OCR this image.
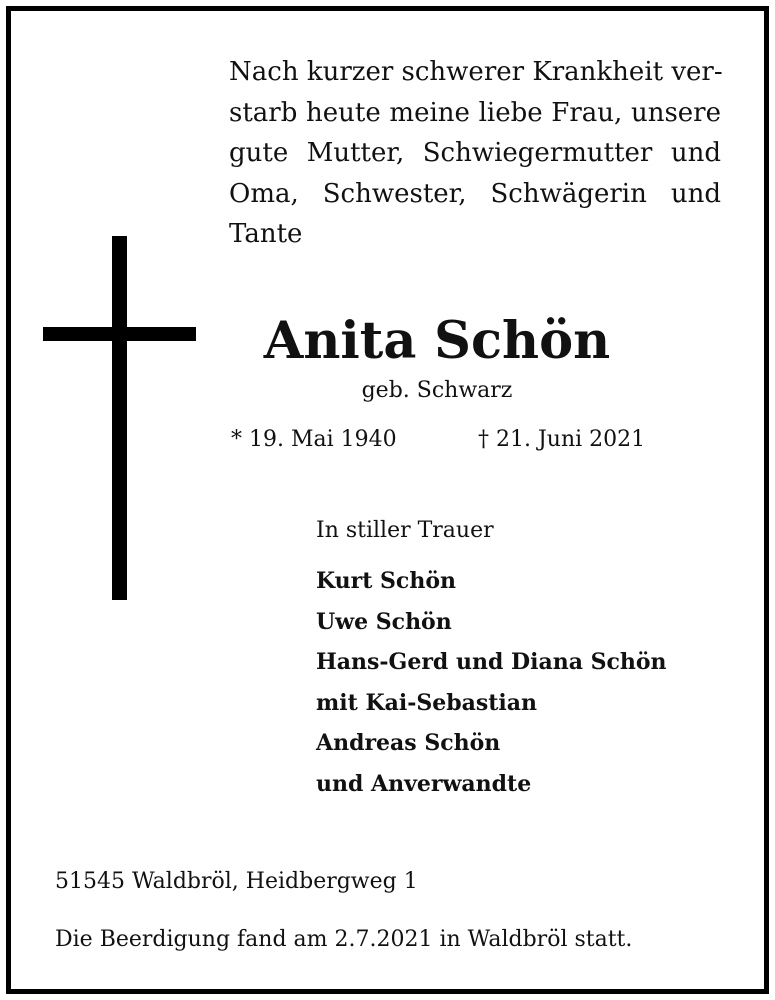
Nach kurzer schwerer Krankheit ver-
starb heute meine liebe Frau, unsere
gute Mutter, Schwiegermutter und
Oma, Schwester, Schwägerin und
Tante
Anita Schön
geb. Schwarz
* 19. Mai 1940	† 21. Juni 2021
In stiller Trauer
Kurt Schön
Uwe Schön
Hans-Gerd und Diana Schön
mit Kai-Sebastian
Andreas Schön
und Anverwandte
51545 Waldbröl, Heidbergweg 1
Die Beerdigung fand am 2.7.2021 in Waldbröl statt.
